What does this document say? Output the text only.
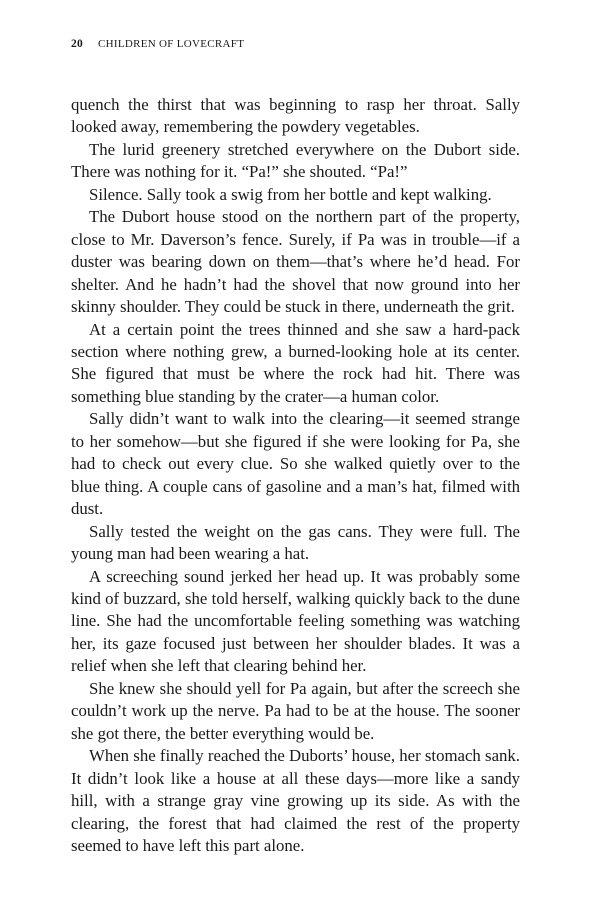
20 CHILDREN OF LOVECRAFT

quench the thirst that was beginning to rasp her throat. Sally looked away, remembering the powdery vegetables.

The lurid greenery stretched everywhere on the Dubort side. There was nothing for it. “Pa!” she shouted. “Pa!”

Silence. Sally took a swig from her bottle and kept walking.

The Dubort house stood on the northern part of the property, close to Mr. Daverson’s fence. Surely, if Pa was in trouble—if a duster was bearing down on them—that’s where he’d head. For shelter. And he hadn’t had the shovel that now ground into her skinny shoulder. They could be stuck in there, underneath the grit.

At a certain point the trees thinned and she saw a hard-pack section where nothing grew, a burned-looking hole at its center. She figured that must be where the rock had hit. There was something blue standing by the crater—a human color.

Sally didn’t want to walk into the clearing—it seemed strange to her somehow—but she figured if she were looking for Pa, she had to check out every clue. So she walked quietly over to the blue thing. A couple cans of gasoline and a man’s hat, filmed with dust.

Sally tested the weight on the gas cans. They were full. The young man had been wearing a hat.

A screeching sound jerked her head up. It was probably some kind of buzzard, she told herself, walking quickly back to the dune line. She had the uncomfortable feeling something was watching her, its gaze focused just between her shoulder blades. It was a relief when she left that clearing behind her.

She knew she should yell for Pa again, but after the screech she couldn’t work up the nerve. Pa had to be at the house. The sooner she got there, the better everything would be.

When she finally reached the Duborts’ house, her stomach sank. It didn’t look like a house at all these days—more like a sandy hill, with a strange gray vine growing up its side. As with the clearing, the forest that had claimed the rest of the property seemed to have left this part alone.
